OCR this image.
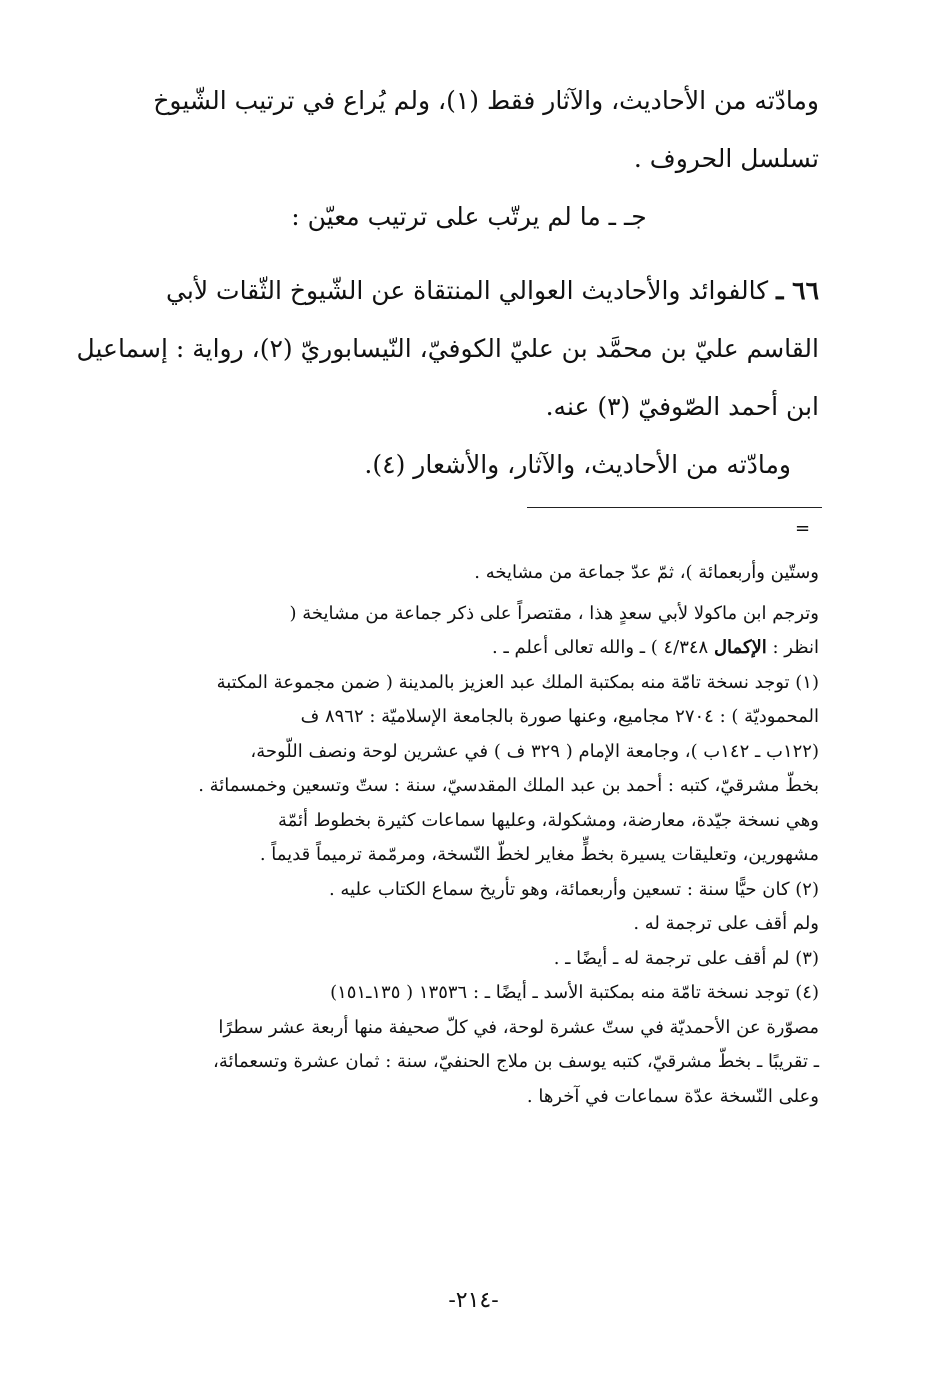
ومادّته من الأحاديث، والآثار فقط (١)، ولم يُراع في ترتيب الشّيوخ
تسلسل الحروف .
جـ ـ ما لم يرتّب على ترتيب معيّن :
٦٦ ـ كالفوائد والأحاديث العوالي المنتقاة عن الشّيوخ الثّقات لأبي
القاسم عليّ بن محمَّد بن عليّ الكوفيّ، النّيسابوريّ (٢)، رواية : إسماعيل
ابن أحمد الصّوفيّ (٣) عنه.
ومادّته من الأحاديث، والآثار، والأشعار (٤).
=
وستّين وأربعمائة )، ثمّ عدّ جماعة من مشايخه .
وترجم ابن ماكولا لأبي سعدٍ هذا ، مقتصراً على ذكر جماعة من مشايخة (
انظر : الإكمال ٤/٣٤٨ ) ـ والله تعالى أعلم ـ .
(١) توجد نسخة تامّة منه بمكتبة الملك عبد العزيز بالمدينة ( ضمن مجموعة المكتبة
المحموديّة ) : ٢٧٠٤ مجاميع، وعنها صورة بالجامعة الإسلاميّة : ٨٩٦٢ ف
(١٢٢ب ـ ١٤٢ب )، وجامعة الإمام ( ٣٢٩ ف ) في عشرين لوحة ونصف اللّوحة،
بخطّ مشرقيّ، كتبه : أحمد بن عبد الملك المقدسيّ، سنة : ستّ وتسعين وخمسمائة .
وهي نسخة جيّدة، معارضة، ومشكولة، وعليها سماعات كثيرة بخطوط أئمّة
مشهورين، وتعليقات يسيرة بخطٍّ مغاير لخطّ النّسخة، ومرمّمة ترميماً قديماً .
(٢) كان حيًّا سنة : تسعين وأربعمائة، وهو تأريخ سماع الكتاب عليه .
ولم أقف على ترجمة له .
(٣) لم أقف على ترجمة له ـ أيضًا ـ .
(٤) توجد نسخة تامّة منه بمكتبة الأسد ـ أيضًا ـ : ١٣٥٣٦ ( ١٣٥ـ١٥١)
مصوّرة عن الأحمديّة في ستّ عشرة لوحة، في كلّ صحيفة منها أربعة عشر سطرًا
ـ تقريبًا ـ بخطّ مشرقيّ، كتبه يوسف بن ملاج الحنفيّ، سنة : ثمان عشرة وتسعمائة،
وعلى النّسخة عدّة سماعات في آخرها .
-٢١٤-
